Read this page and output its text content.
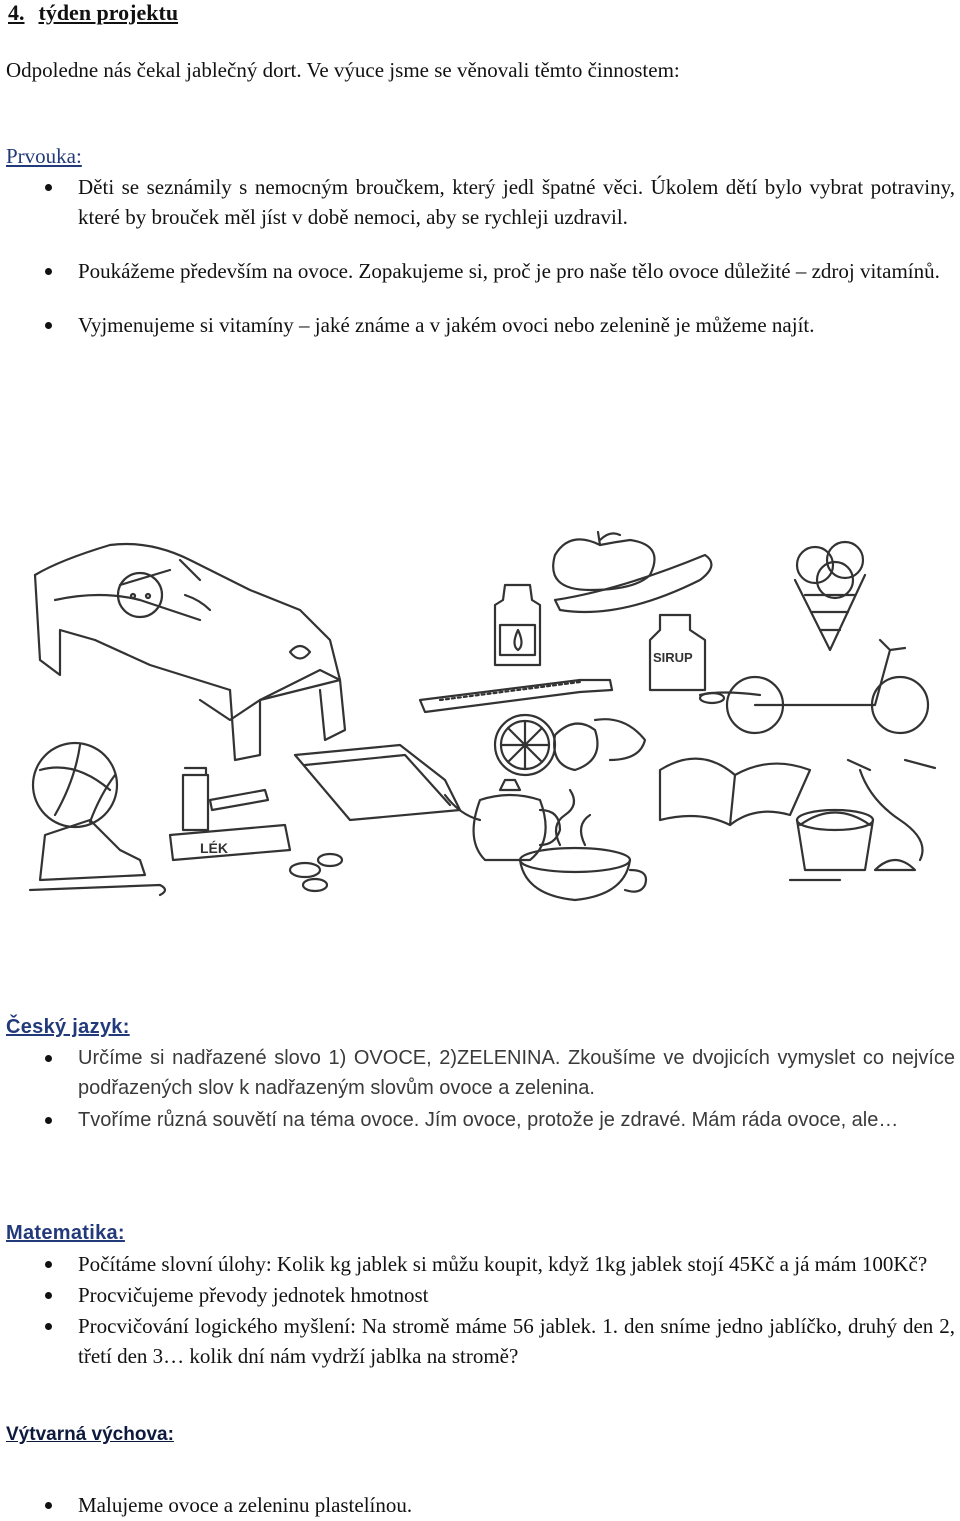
4. týden projektu
Odpoledne nás čekal jablečný dort. Ve výuce jsme se věnovali těmto činnostem:
Prvouka:
Děti se seznámily s nemocným broučkem, který jedl špatné věci. Úkolem dětí bylo vybrat potraviny, které by brouček měl jíst v době nemoci, aby se rychleji uzdravil.
Poukážeme především na ovoce. Zopakujeme si, proč je pro naše tělo ovoce důležité – zdroj vitamínů.
Vyjmenujeme si vitamíny – jaké známe a v jakém ovoci nebo zelenině je můžeme najít.
SIRUP
LÉK
Český jazyk:
Určíme si nadřazené slovo 1) OVOCE, 2)ZELENINA. Zkoušíme ve dvojicích vymyslet co nejvíce podřazených slov k nadřazeným slovům ovoce a zelenina.
Tvoříme různá souvětí na téma ovoce. Jím ovoce, protože je zdravé. Mám ráda ovoce, ale…
Matematika:
Počítáme slovní úlohy: Kolik kg jablek si můžu koupit, když 1kg jablek stojí 45Kč a já mám 100Kč?
Procvičujeme převody jednotek hmotnost
Procvičování logického myšlení: Na stromě máme 56 jablek. 1. den sníme jedno jablíčko, druhý den 2, třetí den 3… kolik dní nám vydrží jablka na stromě?
Výtvarná výchova:
Malujeme ovoce a zeleninu plastelínou.
